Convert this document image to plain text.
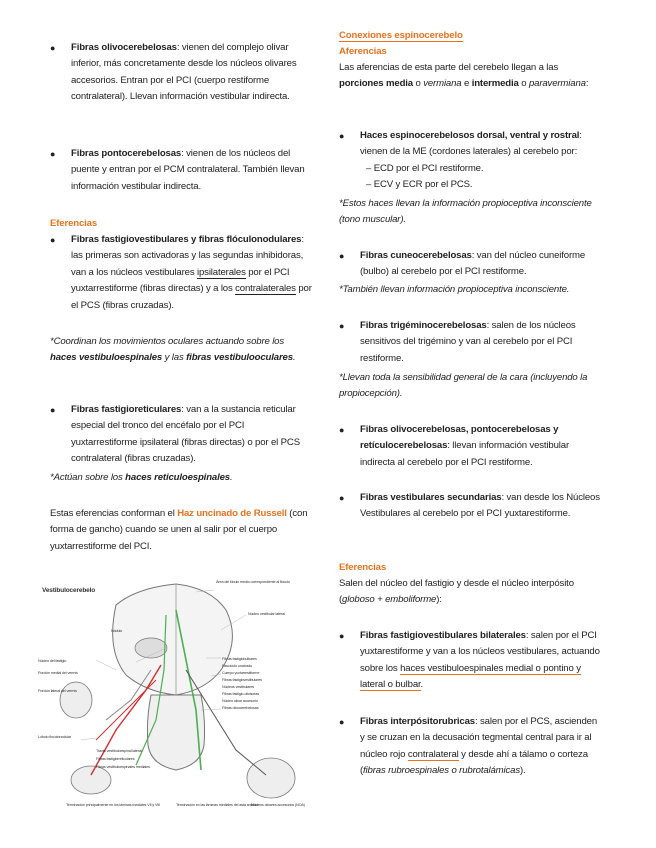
● Fibras olivocerebelosas: vienen del complejo olivar inferior, más concretamente desde los núcleos olivares accesorios. Entran por el PCI (cuerpo restiforme contralateral). Llevan información vestibular indirecta.
● Fibras pontocerebelosas: vienen de los núcleos del puente y entran por el PCM contralateral. También llevan información vestibular indirecta.
Eferencias
● Fibras fastigiovestibulares y fibras flóculonodulares: las primeras son activadoras y las segundas inhibidoras, van a los núcleos vestibulares ipsilaterales por el PCI yuxtarrestiforme (fibras directas) y a los contralaterales por el PCS (fibras cruzadas).
*Coordinan los movimientos oculares actuando sobre los haces vestibuloespinales y las fibras vestibulooculares.
● Fibras fastigioreticulares: van a la sustancia reticular especial del tronco del encéfalo por el PCI yuxtarrestiforme ipsilateral (fibras directas) o por el PCS contralateral (fibras cruzadas).
*Actúan sobre los haces reticuloespinales.
Estas eferencias conforman el Haz uncinado de Russell (con forma de gancho) cuando se unen al salir por el cuerpo yuxtarrestiforme del PCI.
Vestibulocerebelo
Área del lóbulo medio correspondiente al flóculo
Núcleo vestibular lateral
Nódulo
Fibras fastigiobulbares
Fascículo uncinado
Cuerpo yuxtarrestiforme
Fibras fastigiovestibulares
Núcleos vestibulares
Fibras fastigio-oliváceas
Núcleo del fastigio
Porción medial del vermis
Porción lateral del vermis
Lóbulo floculonodular
Tracto vestíbuloespinal lateral
Fibras fastigiorreticulares
Fibras vestibuloespinales mediales
Terminación principalmente en los láminas mediales VII y VIII	Terminación en las láminas mediales del asta anterior
Núcleo olivar accesorio
Fibras olivocerebelosas
Núcleos olivares accesorios (NOA)
Conexiones espinocerebelo
Aferencias
Las aferencias de esta parte del cerebelo llegan a las porciones media o vermiana e intermedia o paravermiana:
● Haces espinocerebelosos dorsal, ventral y rostral: vienen de la ME (cordones laterales) al cerebelo por:
– ECD por el PCI restiforme.
– ECV y ECR por el PCS.
*Estos haces llevan la información propioceptiva inconsciente (tono muscular).
● Fibras cuneocerebelosas: van del núcleo cuneiforme (bulbo) al cerebelo por el PCI restiforme.
*También llevan información propioceptiva inconsciente.
● Fibras trigéminocerebelosas: salen de los núcleos sensitivos del trigémino y van al cerebelo por el PCI restiforme.
*Llevan toda la sensibilidad general de la cara (incluyendo la propiocepción).
● Fibras olivocerebelosas, pontocerebelosas y retículocerebelosas: llevan información vestibular indirecta al cerebelo por el PCI restiforme.
● Fibras vestibulares secundarias: van desde los Núcleos Vestibulares al cerebelo por el PCI yuxtarestiforme.
Eferencias
Salen del núcleo del fastigio y desde el núcleo interpósito (globoso + emboliforme):
● Fibras fastigiovestibulares bilaterales: salen por el PCI yuxtarestiforme y van a los núcleos vestibulares, actuando sobre los haces vestibuloespinales medial o pontino y lateral o bulbar.
● Fibras interpósitorubricas: salen por el PCS, ascienden y se cruzan en la decusación tegmental central para ir al núcleo rojo contralateral y desde ahí a tálamo o corteza (fibras rubroespinales o rubrotalámicas).
